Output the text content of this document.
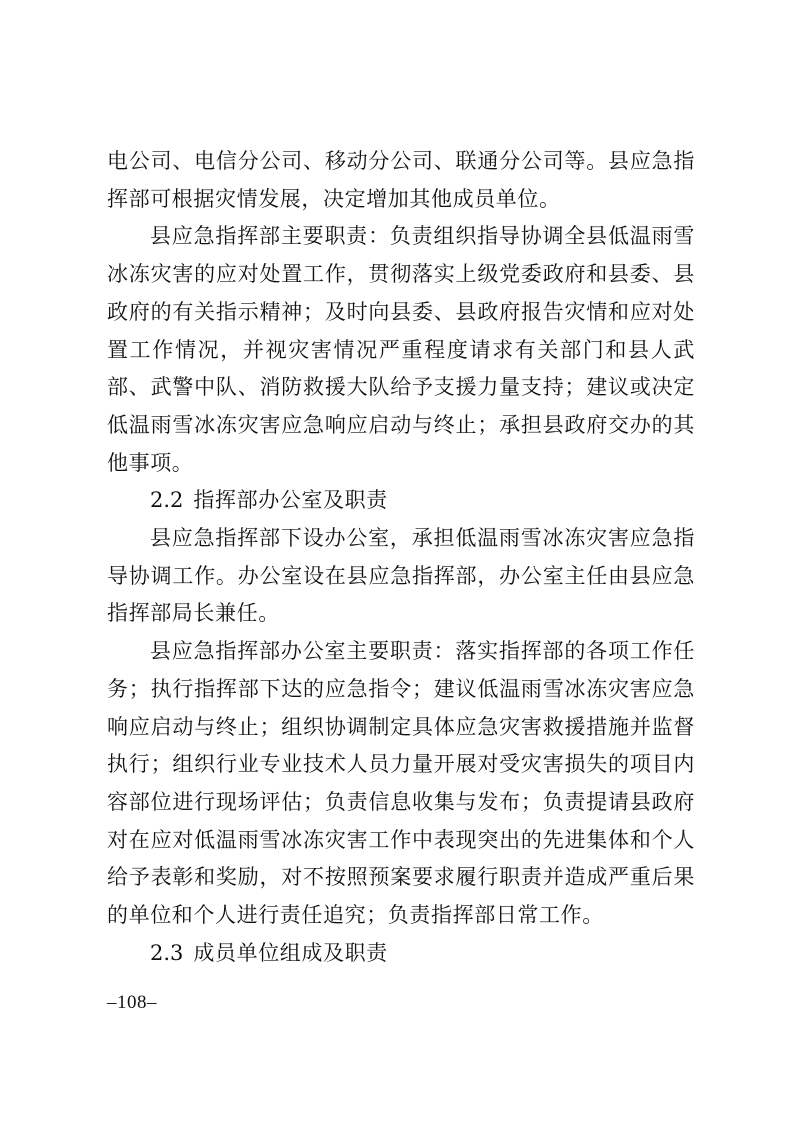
电公司、电信分公司、移动分公司、联通分公司等。县应急指挥部可根据灾情发展，决定增加其他成员单位。

县应急指挥部主要职责：负责组织指导协调全县低温雨雪冰冻灾害的应对处置工作，贯彻落实上级党委政府和县委、县政府的有关指示精神；及时向县委、县政府报告灾情和应对处置工作情况，并视灾害情况严重程度请求有关部门和县人武部、武警中队、消防救援大队给予支援力量支持；建议或决定低温雨雪冰冻灾害应急响应启动与终止；承担县政府交办的其他事项。

2.2 指挥部办公室及职责

县应急指挥部下设办公室，承担低温雨雪冰冻灾害应急指导协调工作。办公室设在县应急指挥部，办公室主任由县应急指挥部局长兼任。

县应急指挥部办公室主要职责：落实指挥部的各项工作任务；执行指挥部下达的应急指令；建议低温雨雪冰冻灾害应急响应启动与终止；组织协调制定具体应急灾害救援措施并监督执行；组织行业专业技术人员力量开展对受灾害损失的项目内容部位进行现场评估；负责信息收集与发布；负责提请县政府对在应对低温雨雪冰冻灾害工作中表现突出的先进集体和个人给予表彰和奖励，对不按照预案要求履行职责并造成严重后果的单位和个人进行责任追究；负责指挥部日常工作。

2.3 成员单位组成及职责
–108–
